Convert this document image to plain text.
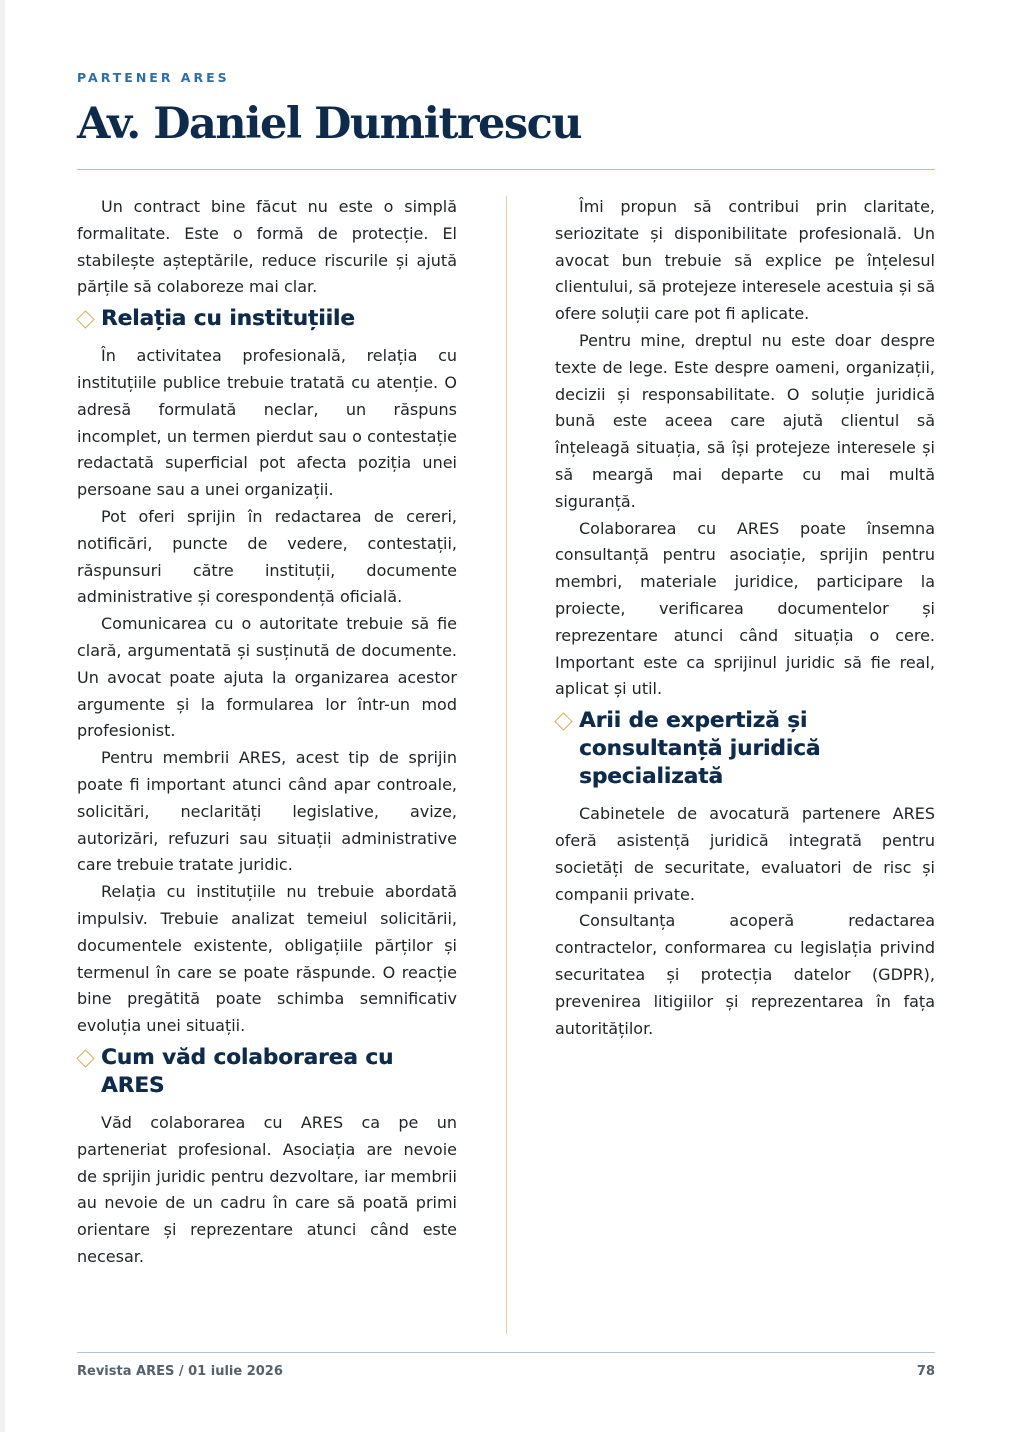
PARTENER ARES
Av. Daniel Dumitrescu

Un contract bine făcut nu este o simplă formalitate. Este o formă de protecție. El stabilește așteptările, reduce riscurile și ajută părțile să colaboreze mai clar.

Relația cu instituțiile

În activitatea profesională, relația cu instituțiile publice trebuie tratată cu atenție. O adresă formulată neclar, un răspuns incomplet, un termen pierdut sau o contestație redactată superficial pot afecta poziția unei persoane sau a unei organizații.

Pot oferi sprijin în redactarea de cereri, notificări, puncte de vedere, contestații, răspunsuri către instituții, documente administrative și corespondență oficială.

Comunicarea cu o autoritate trebuie să fie clară, argumentată și susținută de documente. Un avocat poate ajuta la organizarea acestor argumente și la formularea lor într-un mod profesionist.

Pentru membrii ARES, acest tip de sprijin poate fi important atunci când apar controale, solicitări, neclarități legislative, avize, autorizări, refuzuri sau situații administrative care trebuie tratate juridic.

Relația cu instituțiile nu trebuie abordată impulsiv. Trebuie analizat temeiul solicitării, documentele existente, obligațiile părților și termenul în care se poate răspunde. O reacție bine pregătită poate schimba semnificativ evoluția unei situații.

Cum văd colaborarea cu ARES

Văd colaborarea cu ARES ca pe un parteneriat profesional. Asociația are nevoie de sprijin juridic pentru dezvoltare, iar membrii au nevoie de un cadru în care să poată primi orientare și reprezentare atunci când este necesar.

Îmi propun să contribui prin claritate, seriozitate și disponibilitate profesională. Un avocat bun trebuie să explice pe înțelesul clientului, să protejeze interesele acestuia și să ofere soluții care pot fi aplicate.

Pentru mine, dreptul nu este doar despre texte de lege. Este despre oameni, organizații, decizii și responsabilitate. O soluție juridică bună este aceea care ajută clientul să înțeleagă situația, să își protejeze interesele și să meargă mai departe cu mai multă siguranță.

Colaborarea cu ARES poate însemna consultanță pentru asociație, sprijin pentru membri, materiale juridice, participare la proiecte, verificarea documentelor și reprezentare atunci când situația o cere. Important este ca sprijinul juridic să fie real, aplicat și util.

Arii de expertiză și consultanță juridică specializată

Cabinetele de avocatură partenere ARES oferă asistență juridică integrată pentru societăți de securitate, evaluatori de risc și companii private.

Consultanța acoperă redactarea contractelor, conformarea cu legislația privind securitatea și protecția datelor (GDPR), prevenirea litigiilor și reprezentarea în fața autorităților.

Revista ARES / 01 iulie 2026	78
